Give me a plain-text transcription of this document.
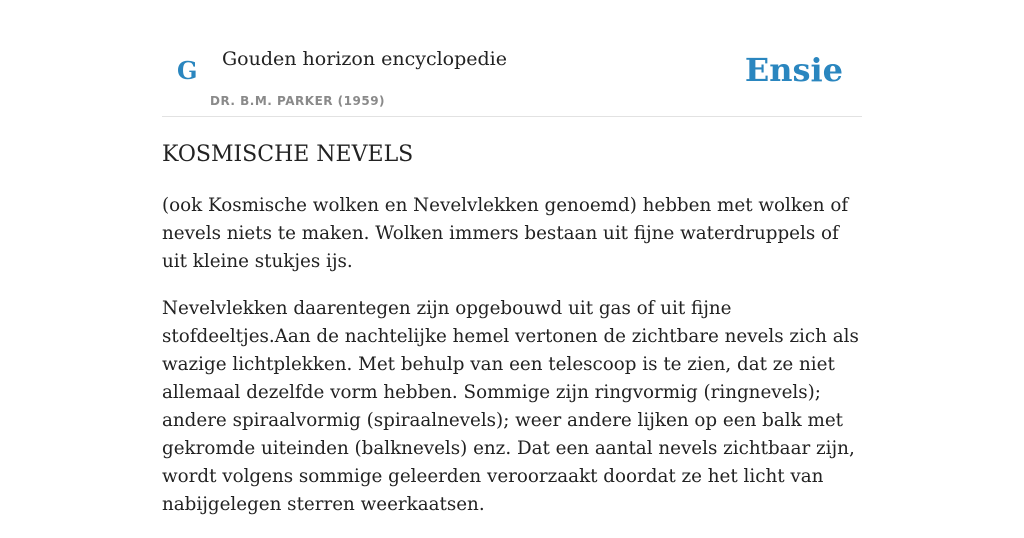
G Gouden horizon encyclopedie
DR. B.M. PARKER (1959)
Ensie
KOSMISCHE NEVELS

(ook Kosmische wolken en Nevelvlekken genoemd) hebben met wolken of nevels niets te maken. Wolken immers bestaan uit fijne waterdruppels of uit kleine stukjes ijs.

Nevelvlekken daarentegen zijn opgebouwd uit gas of uit fijne stofdeeltjes.Aan de nachtelijke hemel vertonen de zichtbare nevels zich als wazige lichtplekken. Met behulp van een telescoop is te zien, dat ze niet allemaal dezelfde vorm hebben. Sommige zijn ringvormig (ringnevels); andere spiraalvormig (spiraalnevels); weer andere lijken op een balk met gekromde uiteinden (balknevels) enz. Dat een aantal nevels zichtbaar zijn, wordt volgens sommige geleerden veroorzaakt doordat ze het licht van nabijgelegen sterren weerkaatsen.
